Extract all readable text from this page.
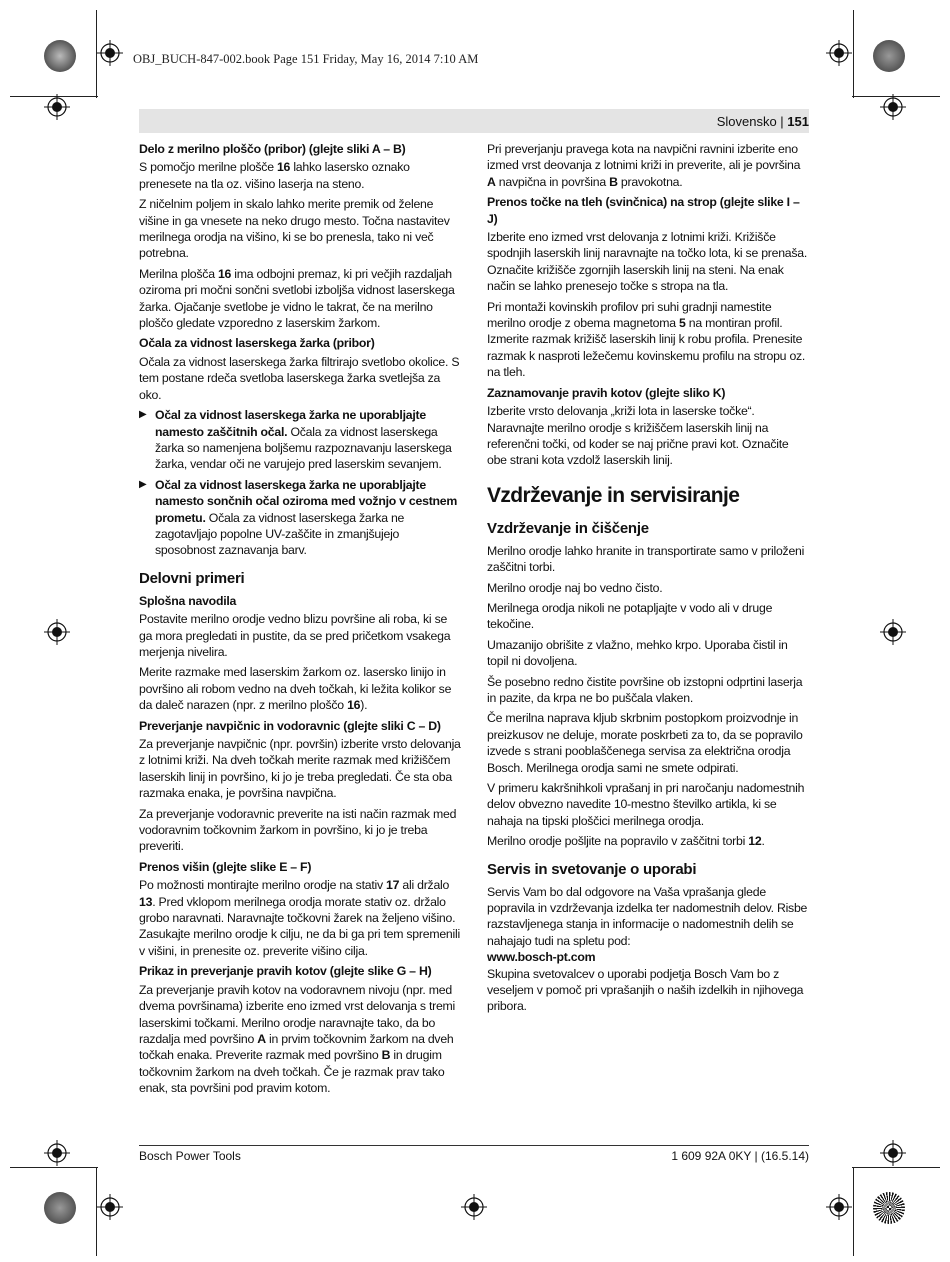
OBJ_BUCH-847-002.book Page 151 Friday, May 16, 2014 7:10 AM
Slovensko | 151

Delo z merilno ploščo (pribor) (glejte sliki A – B)

S pomočjo merilne plošče 16 lahko lasersko oznako prenesete na tla oz. višino laserja na steno.

Z ničelnim poljem in skalo lahko merite premik od želene višine in ga vnesete na neko drugo mesto. Točna nastavitev merilnega orodja na višino, ki se bo prenesla, tako ni več potrebna.

Merilna plošča 16 ima odbojni premaz, ki pri večjih razdaljah oziroma pri močni sončni svetlobi izboljša vidnost laserskega žarka. Ojačanje svetlobe je vidno le takrat, če na merilno ploščo gledate vzporedno z laserskim žarkom.

Očala za vidnost laserskega žarka (pribor)

Očala za vidnost laserskega žarka filtrirajo svetlobo okolice. S tem postane rdeča svetloba laserskega žarka svetlejša za oko.

▶ Očal za vidnost laserskega žarka ne uporabljajte namesto zaščitnih očal. Očala za vidnost laserskega žarka so namenjena boljšemu razpoznavanju laserskega žarka, vendar oči ne varujejo pred laserskim sevanjem.
▶ Očal za vidnost laserskega žarka ne uporabljajte namesto sončnih očal oziroma med vožnjo v cestnem prometu. Očala za vidnost laserskega žarka ne zagotavljajo popolne UV-zaščite in zmanjšujejo sposobnost zaznavanja barv.

Delovni primeri

Splošna navodila

Postavite merilno orodje vedno blizu površine ali roba, ki se ga mora pregledati in pustite, da se pred pričetkom vsakega merjenja nivelira.

Merite razmake med laserskim žarkom oz. lasersko linijo in površino ali robom vedno na dveh točkah, ki ležita kolikor se da daleč narazen (npr. z merilno ploščo 16).

Preverjanje navpičnic in vodoravnic (glejte sliki C – D)

Za preverjanje navpičnic (npr. površin) izberite vrsto delovanja z lotnimi križi. Na dveh točkah merite razmak med križiščem laserskih linij in površino, ki jo je treba pregledati. Če sta oba razmaka enaka, je površina navpična.

Za preverjanje vodoravnic preverite na isti način razmak med vodoravnim točkovnim žarkom in površino, ki jo je treba preveriti.

Prenos višin (glejte slike E – F)

Po možnosti montirajte merilno orodje na stativ 17 ali držalo 13. Pred vklopom merilnega orodja morate stativ oz. držalo grobo naravnati. Naravnajte točkovni žarek na željeno višino. Zasukajte merilno orodje k cilju, ne da bi ga pri tem spremenili v višini, in prenesite oz. preverite višino cilja.

Prikaz in preverjanje pravih kotov (glejte slike G – H)

Za preverjanje pravih kotov na vodoravnem nivoju (npr. med dvema površinama) izberite eno izmed vrst delovanja s tremi laserskimi točkami. Merilno orodje naravnajte tako, da bo razdalja med površino A in prvim točkovnim žarkom na dveh točkah enaka. Preverite razmak med površino B in drugim točkovnim žarkom na dveh točkah. Če je razmak prav tako enak, sta površini pod pravim kotom.

Pri preverjanju pravega kota na navpični ravnini izberite eno izmed vrst deovanja z lotnimi križi in preverite, ali je površina A navpična in površina B pravokotna.

Prenos točke na tleh (svinčnica) na strop (glejte slike I – J)

Izberite eno izmed vrst delovanja z lotnimi križi. Križišče spodnjih laserskih linij naravnajte na točko lota, ki se prenaša. Označite križišče zgornjih laserskih linij na steni. Na enak način se lahko prenesejo točke s stropa na tla.

Pri montaži kovinskih profilov pri suhi gradnji namestite merilno orodje z obema magnetoma 5 na montiran profil. Izmerite razmak križišč laserskih linij k robu profila. Prenesite razmak k nasproti ležečemu kovinskemu profilu na stropu oz. na tleh.

Zaznamovanje pravih kotov (glejte sliko K)

Izberite vrsto delovanja „križi lota in laserske točke“. Naravnajte merilno orodje s križiščem laserskih linij na referenčni točki, od koder se naj prične pravi kot. Označite obe strani kota vzdolž laserskih linij.

Vzdrževanje in servisiranje

Vzdrževanje in čiščenje

Merilno orodje lahko hranite in transportirate samo v priloženi zaščitni torbi.

Merilno orodje naj bo vedno čisto.

Merilnega orodja nikoli ne potapljajte v vodo ali v druge tekočine.

Umazanijo obrišite z vlažno, mehko krpo. Uporaba čistil in topil ni dovoljena.

Še posebno redno čistite površine ob izstopni odprtini laserja in pazite, da krpa ne bo puščala vlaken.

Če merilna naprava kljub skrbnim postopkom proizvodnje in preizkusov ne deluje, morate poskrbeti za to, da se popravilo izvede s strani pooblaščenega servisa za električna orodja Bosch. Merilnega orodja sami ne smete odpirati.

V primeru kakršnihkoli vprašanj in pri naročanju nadomestnih delov obvezno navedite 10-mestno številko artikla, ki se nahaja na tipski ploščici merilnega orodja.

Merilno orodje pošljite na popravilo v zaščitni torbi 12.

Servis in svetovanje o uporabi

Servis Vam bo dal odgovore na Vaša vprašanja glede popravila in vzdrževanja izdelka ter nadomestnih delov. Risbe razstavljenega stanja in informacije o nadomestnih delih se nahajajo tudi na spletu pod:

www.bosch-pt.com

Skupina svetovalcev o uporabi podjetja Bosch Vam bo z veseljem v pomoč pri vprašanjih o naših izdelkih in njihovega pribora.

Bosch Power Tools	1 609 92A 0KY | (16.5.14)
